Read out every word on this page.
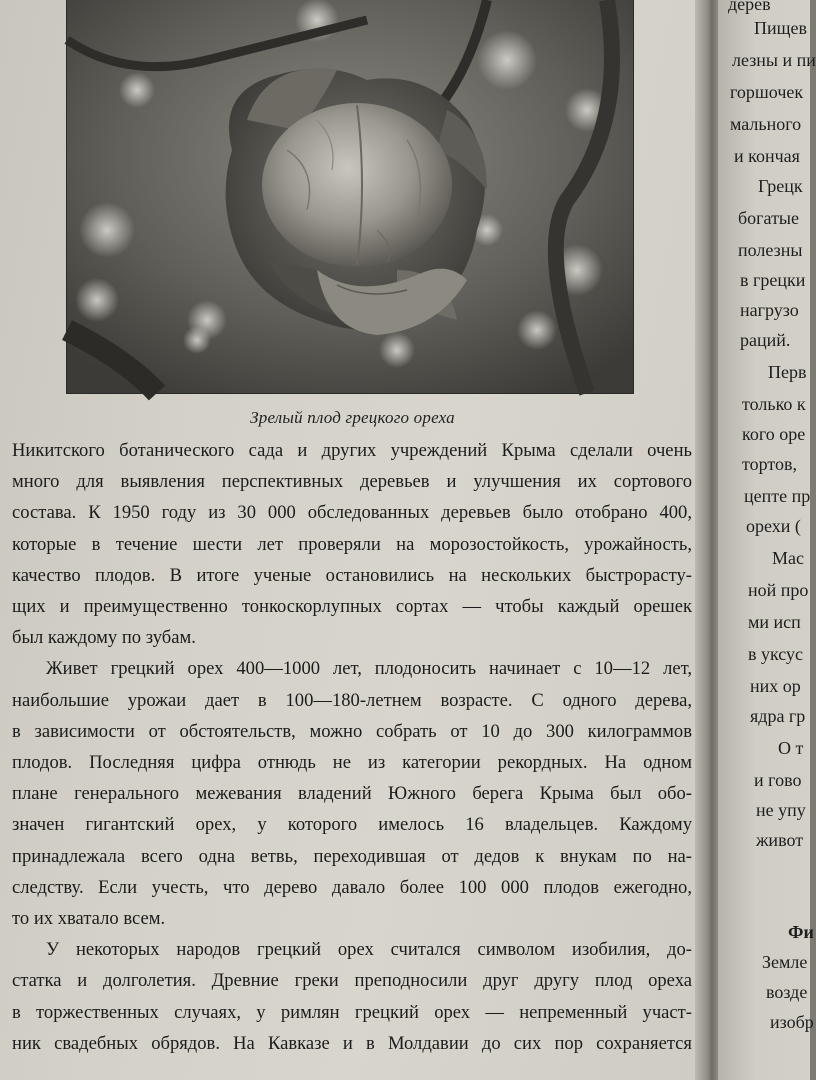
Зрелый плод грецкого ореха

Никитского ботанического сада и других учреждений Крыма сделали очень
много для выявления перспективных деревьев и улучшения их сортового
состава. К 1950 году из 30 000 обследованных деревьев было отобрано 400,
которые в течение шести лет проверяли на морозостойкость, урожайность,
качество плодов. В итоге ученые остановились на нескольких быстрорасту-
щих и преимущественно тонкоскорлупных сортах — чтобы каждый орешек
был каждому по зубам.

Живет грецкий орех 400—1000 лет, плодоносить начинает с 10—12 лет,
наибольшие урожаи дает в 100—180-летнем возрасте. С одного дерева,
в зависимости от обстоятельств, можно собрать от 10 до 300 килограммов
плодов. Последняя цифра отнюдь не из категории рекордных. На одном
плане генерального межевания владений Южного берега Крыма был обо-
значен гигантский орех, у которого имелось 16 владельцев. Каждому
принадлежала всего одна ветвь, переходившая от дедов к внукам по на-
следству. Если учесть, что дерево давало более 100 000 плодов ежегодно,
то их хватало всем.

У некоторых народов грецкий орех считался символом изобилия, до-
статка и долголетия. Древние греки преподносили друг другу плод ореха
в торжественных случаях, у римлян грецкий орех — непременный участ-
ник свадебных обрядов. На Кавказе и в Молдавии до сих пор сохраняется

дерев
Пищев
лезны и пи
горшочек
мального
и кончая
Грецк
богатые
полезны
в грецки
нагрузо
раций.
Перв
только к
кого оре
тортов,
цепте пр
орехи (
Мас
ной про
ми исп
в уксус
них ор
ядра гр
О т
и гово
не упу
живот
Фи
Земле
возде
изобр
